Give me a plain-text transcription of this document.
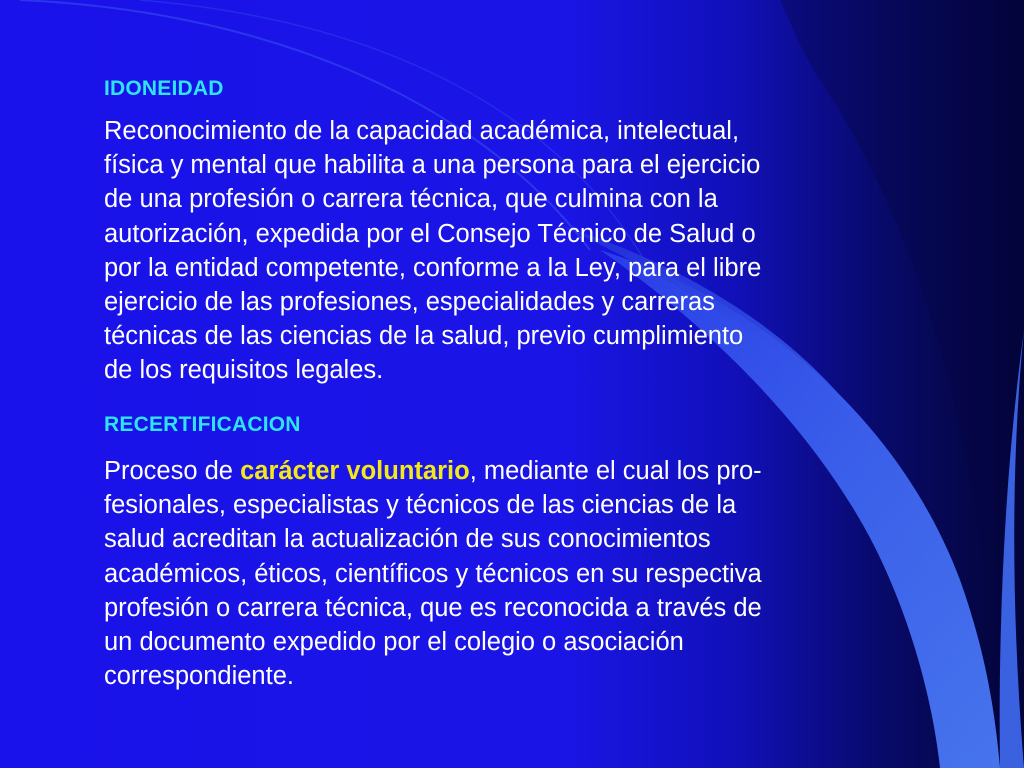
IDONEIDAD

Reconocimiento de la capacidad académica, intelectual,
física y mental que habilita a una persona para el ejercicio
de una profesión o carrera técnica, que culmina con la
autorización, expedida por el Consejo Técnico de Salud o
por la entidad competente, conforme a la Ley, para el libre
ejercicio de las profesiones, especialidades y carreras
técnicas de las ciencias de la salud, previo cumplimiento
de los requisitos legales.

RECERTIFICACION

Proceso de carácter voluntario, mediante el cual los pro-
fesionales, especialistas y técnicos de las ciencias de la
salud acreditan la actualización de sus conocimientos
académicos, éticos, científicos y técnicos en su respectiva
profesión o carrera técnica, que es reconocida a través de
un documento expedido por el colegio o asociación
correspondiente.
